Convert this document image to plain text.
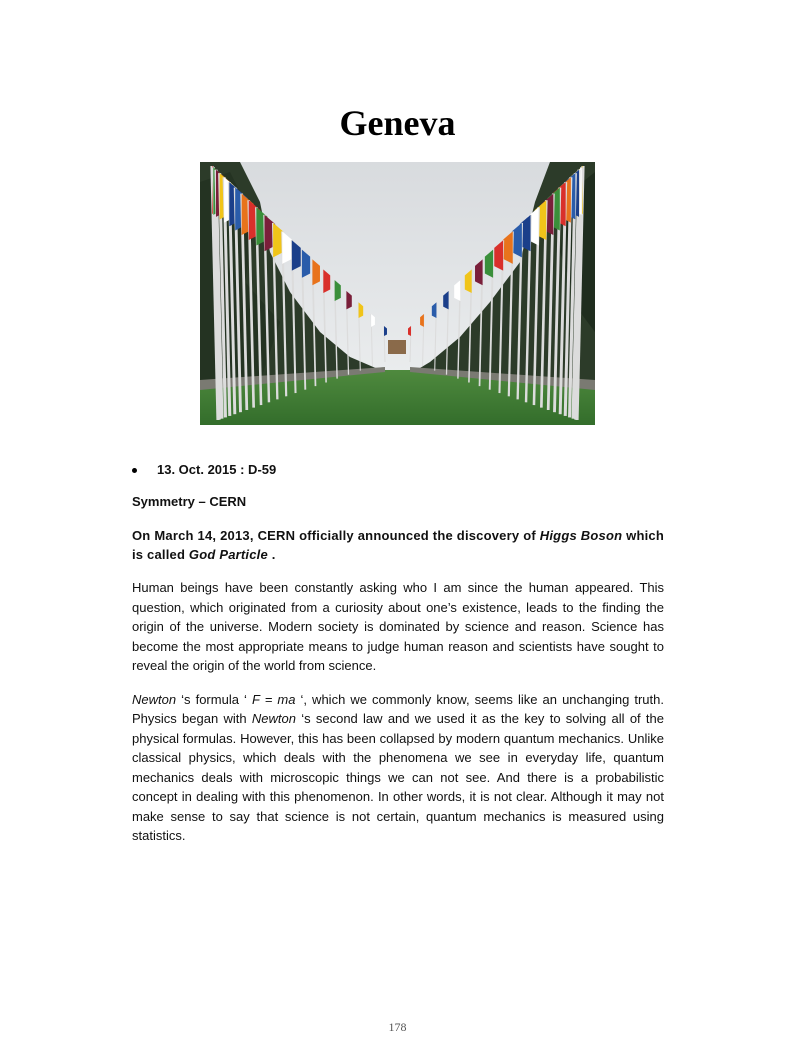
Geneva
13. Oct. 2015 : D-59
Symmetry – CERN
On March 14, 2013, CERN officially announced the discovery of Higgs Boson which is called God Particle .

Human beings have been constantly asking who I am since the human appeared. This question, which originated from a curiosity about one’s existence, leads to the finding the origin of the universe. Modern society is dominated by science and reason. Science has become the most appropriate means to judge human reason and scientists have sought to reveal the origin of the world from science.

Newton ‘s formula ‘ F = ma ‘, which we commonly know, seems like an unchanging truth. Physics began with Newton ‘s second law and we used it as the key to solving all of the physical formulas. However, this has been collapsed by modern quantum mechanics. Unlike classical physics, which deals with the phenomena we see in everyday life, quantum mechanics deals with microscopic things we can not see. And there is a probabilistic concept in dealing with this phenomenon. In other words, it is not clear. Although it may not make sense to say that science is not certain, quantum mechanics is measured using statistics.

178
